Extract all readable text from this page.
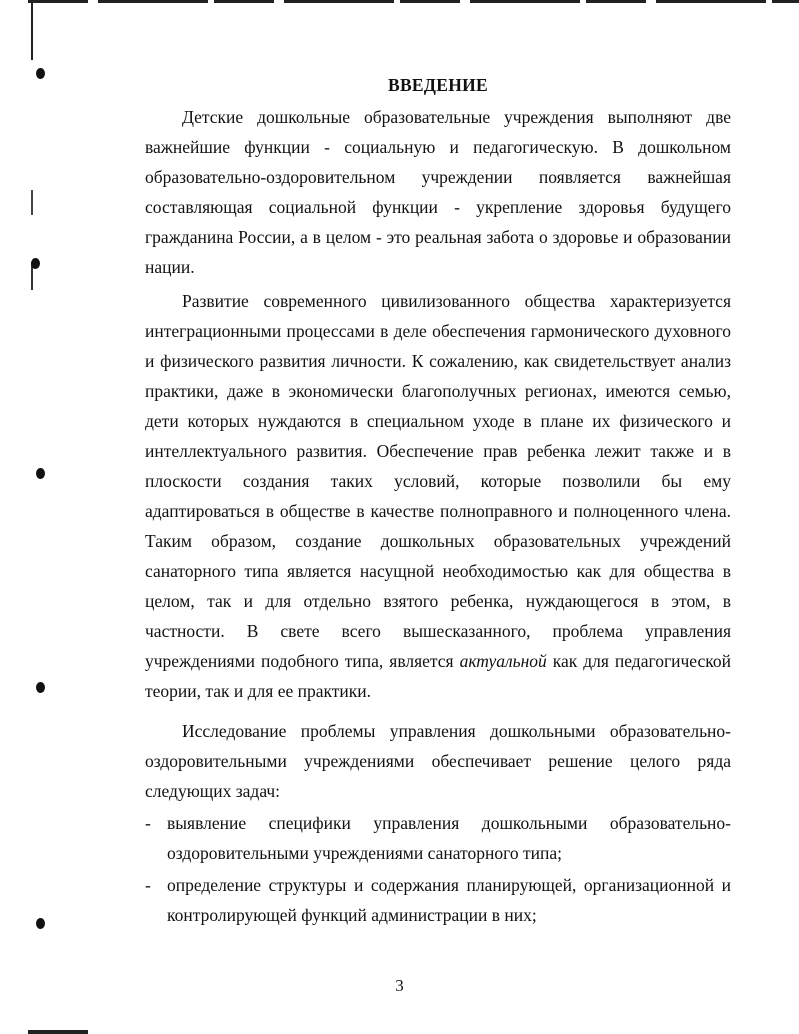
ВВЕДЕНИЕ

Детские дошкольные образовательные учреждения выполняют две важнейшие функции - социальную и педагогическую. В дошкольном образовательно-оздоровительном учреждении появляется важнейшая составляющая социальной функции - укрепление здоровья будущего гражданина России, а в целом - это реальная забота о здоровье и образовании нации.

Развитие современного цивилизованного общества характеризуется интеграционными процессами в деле обеспечения гармонического духовного и физического развития личности. К сожалению, как свидетельствует анализ практики, даже в экономически благополучных регионах, имеются семью, дети которых нуждаются в специальном уходе в плане их физического и интеллектуального развития. Обеспечение прав ребенка лежит также и в плоскости создания таких условий, которые позволили бы ему адаптироваться в обществе в качестве полноправного и полноценного члена. Таким образом, создание дошкольных образовательных учреждений санаторного типа является насущной необходимостью как для общества в целом, так и для отдельно взятого ребенка, нуждающегося в этом, в частности. В свете всего вышесказанного, проблема управления учреждениями подобного типа, является актуальной как для педагогической теории, так и для ее практики.

Исследование проблемы управления дошкольными образовательно-оздоровительными учреждениями обеспечивает решение целого ряда следующих задач:

- выявление специфики управления дошкольными образовательно-оздоровительными учреждениями санаторного типа;
- определение структуры и содержания планирующей, организационной и контролирующей функций администрации в них;
3
